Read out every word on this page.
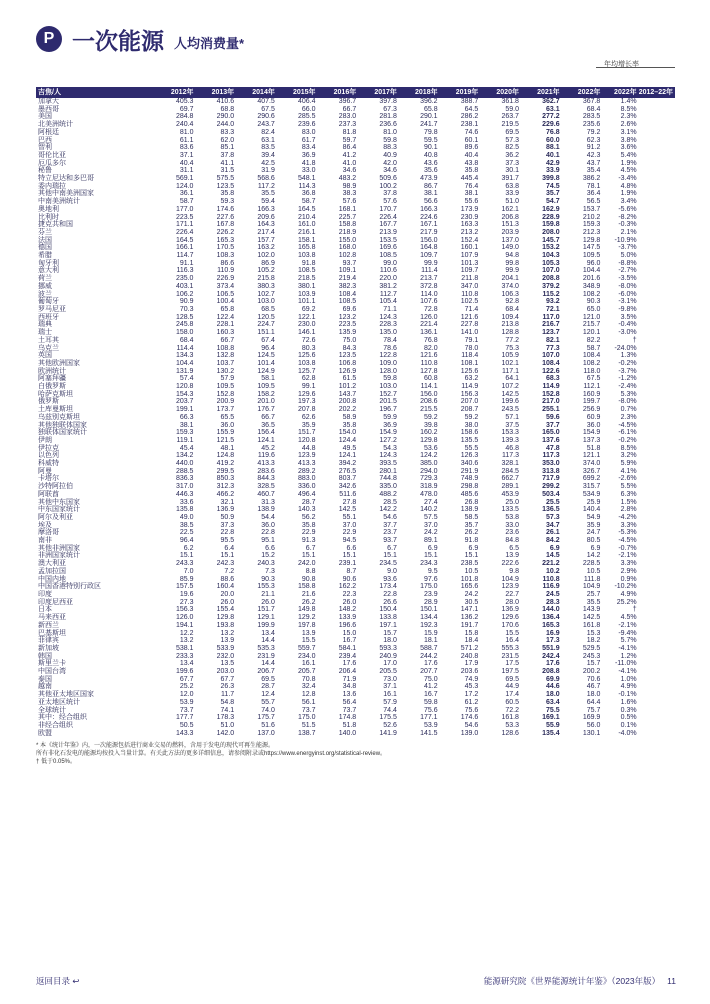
P 一次能源 人均消费量*
年均增长率
吉焦/人	2012年	2013年	2014年	2015年	2016年	2017年	2018年	2019年	2020年	2021年	2022年	2022年	2012–22年
加拿大	405.3	410.6	407.5	406.4	396.7	397.8	396.2	388.7	361.8	362.7	367.8	1.4%	
墨西哥	69.7	68.8	67.5	66.0	66.7	67.3	65.8	64.5	59.0	63.1	68.4	8.5%	
美国	284.8	290.0	290.6	285.5	283.0	281.8	290.1	286.2	263.7	277.2	283.5	2.3%	
北美洲统计	240.4	244.0	243.7	239.6	237.3	236.6	241.7	238.1	219.5	229.6	235.6	2.6%	
阿根廷	81.0	83.3	82.4	83.0	81.8	81.0	79.8	74.6	69.5	76.8	79.2	3.1%	
巴西	61.1	62.0	63.1	61.7	59.7	59.8	59.5	60.1	57.3	60.0	62.3	3.8%	
智利	83.6	85.1	83.5	83.4	86.4	88.3	90.1	89.6	82.5	88.1	91.2	3.6%	
哥伦比亚	37.1	37.8	39.4	36.9	41.2	40.9	40.8	40.4	36.2	40.1	42.3	5.4%	
厄瓜多尔	40.4	41.1	42.5	41.8	41.0	42.0	43.6	43.8	37.3	42.9	43.7	1.9%	
秘鲁	31.1	31.5	31.9	33.0	34.6	34.6	35.6	35.8	30.1	33.9	35.4	4.5%	
特立尼达和多巴哥	569.1	575.5	568.6	548.1	483.2	509.6	473.9	445.4	391.7	399.8	386.2	-3.4%	
委内瑞拉	124.0	123.5	117.2	114.3	98.9	100.2	86.7	76.4	63.8	74.5	78.1	4.8%	
其他中南美洲国家	36.1	35.8	35.5	36.8	38.3	37.8	38.1	38.1	33.9	35.7	36.4	1.9%	
中南美洲统计	58.7	59.3	59.4	58.7	57.6	57.6	56.6	55.6	51.0	54.7	56.5	3.4%	
奥地利	177.0	174.6	166.3	164.5	168.1	170.7	166.3	173.9	162.1	162.9	153.7	-5.6%	
比利时	223.5	227.6	209.6	210.4	225.7	226.4	224.6	230.9	206.8	228.9	210.2	-8.2%	
捷克共和国	171.1	167.8	164.3	161.0	158.8	167.7	167.1	163.3	151.3	159.8	159.3	-0.3%	
芬兰	226.4	226.2	217.4	216.1	218.9	213.9	217.9	213.2	203.9	208.0	212.3	2.1%	
法国	164.5	165.3	157.7	158.1	155.0	153.5	156.0	152.4	137.0	145.7	129.8	-10.9%	
德国	166.1	170.5	163.2	165.8	168.0	169.6	164.8	160.1	149.0	153.2	147.5	-3.7%	
希腊	114.7	108.3	102.0	103.8	102.8	108.5	109.7	107.9	94.8	104.3	109.5	5.0%	
匈牙利	91.1	86.6	86.9	91.8	93.7	99.0	99.9	101.3	99.8	105.3	96.0	-8.8%	
意大利	116.3	110.9	105.2	108.5	109.1	110.6	111.4	109.7	99.9	107.0	104.4	-2.7%	
荷兰	235.0	226.9	215.8	218.5	219.4	220.0	213.7	211.8	204.1	208.8	201.6	-3.5%	
挪威	403.1	373.4	380.3	380.1	382.3	381.2	372.8	347.0	374.0	379.2	348.9	-8.0%	
波兰	106.2	106.5	102.7	103.9	108.4	112.7	114.0	110.8	106.3	115.2	108.2	-6.0%	
葡萄牙	90.9	100.4	103.0	101.1	108.5	105.4	107.6	102.5	92.8	93.2	90.3	-3.1%	
罗马尼亚	70.3	65.8	68.5	69.2	69.6	71.1	72.8	71.4	68.4	72.1	65.0	-9.8%	
西班牙	128.5	122.4	120.5	122.1	123.2	124.3	126.0	121.6	109.4	117.0	121.0	3.5%	
瑞典	245.8	228.1	224.7	230.0	223.5	228.3	221.4	227.8	213.8	216.7	215.7	-0.4%	
瑞士	158.0	160.3	151.1	146.1	135.9	135.0	136.1	141.0	128.8	123.7	120.1	-3.0%	
土耳其	68.4	66.7	67.4	72.6	75.0	78.4	76.8	79.1	77.2	82.1	82.2	†	
乌克兰	114.4	108.8	96.4	80.3	84.3	78.6	82.0	78.0	75.3	77.3	58.7	-24.0%	
英国	134.3	132.8	124.5	125.6	123.5	122.8	121.6	118.4	105.9	107.0	108.4	1.3%	
其他欧洲国家	104.4	103.7	101.4	103.8	106.8	109.0	110.8	108.1	102.1	108.4	108.2	-0.2%	
欧洲统计	131.9	130.2	124.9	125.7	126.9	128.0	127.8	125.6	117.1	122.6	118.0	-3.7%	
阿塞拜疆	57.4	57.9	58.1	62.8	61.5	59.8	60.8	63.2	64.1	68.3	67.5	-1.2%	
白俄罗斯	120.8	109.5	109.5	99.1	101.2	103.0	114.1	114.9	107.2	114.9	112.1	-2.4%	
哈萨克斯坦	154.3	152.8	158.2	129.6	143.7	152.7	156.0	156.3	142.5	152.8	160.9	5.3%	
俄罗斯	203.7	200.9	201.0	197.3	200.8	201.5	208.6	207.0	199.6	217.0	199.7	-8.0%	
土库曼斯坦	199.1	173.7	176.7	207.8	202.2	196.7	215.5	208.7	243.5	255.1	256.9	0.7%	
乌兹别克斯坦	66.3	65.5	66.7	62.6	58.9	59.9	59.2	59.2	57.1	59.6	60.9	2.3%	
其他独联体国家	38.1	36.0	36.5	35.9	35.8	36.9	39.8	38.0	37.5	37.7	36.0	-4.5%	
独联体国家统计	159.3	155.9	156.4	151.7	154.0	154.9	160.2	158.6	153.3	165.0	154.9	-6.1%	
伊朗	119.1	121.5	124.1	120.8	124.4	127.2	129.8	135.5	139.3	137.6	137.3	-0.2%	
伊拉克	45.4	48.1	45.2	44.8	49.5	54.3	53.6	55.5	46.8	47.8	51.8	8.5%	
以色列	134.2	124.8	119.6	123.9	124.1	124.3	124.2	126.3	117.3	117.3	121.1	3.2%	
科威特	440.0	419.2	413.3	413.3	394.2	393.5	385.0	340.6	328.1	353.0	374.0	5.9%	
阿曼	288.5	299.5	283.6	289.2	276.5	280.1	294.0	291.9	284.5	313.8	326.7	4.1%	
卡塔尔	836.3	850.3	844.3	883.0	803.7	744.8	729.3	748.9	662.7	717.9	699.2	-2.6%	
沙特阿拉伯	317.0	312.3	328.5	336.0	342.6	335.0	318.9	298.8	289.1	299.2	315.7	5.5%	
阿联酋	446.3	466.2	460.7	496.4	511.6	488.2	478.0	485.6	453.9	503.4	534.9	6.3%	
其他中东国家	33.6	32.1	31.3	28.7	27.8	28.5	27.4	26.8	25.0	25.5	25.9	1.5%	
中东国家统计	135.8	136.9	138.9	140.3	142.5	142.2	140.2	138.9	133.5	136.5	140.4	2.8%	
阿尔及利亚	49.0	50.9	54.4	56.2	55.1	54.6	57.5	58.5	53.8	57.3	54.9	-4.2%	
埃及	38.5	37.3	36.0	35.8	37.0	37.7	37.0	35.7	33.0	34.7	35.9	3.3%	
摩洛哥	22.5	22.8	22.8	22.9	22.9	23.7	24.2	26.2	23.6	26.1	24.7	-5.3%	
南非	96.4	95.5	95.1	91.3	94.5	93.7	89.1	91.8	84.8	84.2	80.5	-4.5%	
其他非洲国家	6.2	6.4	6.6	6.7	6.6	6.7	6.9	6.9	6.5	6.9	6.9	-0.7%	
非洲国家统计	15.1	15.1	15.2	15.1	15.1	15.1	15.1	15.1	13.9	14.5	14.2	-2.1%	
澳大利亚	243.3	242.3	240.3	242.0	239.1	234.5	234.3	238.5	222.6	221.2	228.5	3.3%	
孟加拉国	7.0	7.2	7.3	8.8	8.7	9.0	9.5	10.5	9.8	10.2	10.5	2.9%	
中国内地	85.9	88.6	90.3	90.8	90.6	93.6	97.6	101.8	104.9	110.8	111.8	0.9%	
中国香港特别行政区	157.5	160.4	155.3	158.8	162.2	173.4	175.0	165.6	123.9	116.9	104.9	-10.2%	
印度	19.6	20.0	21.1	21.6	22.3	22.8	23.9	24.2	22.7	24.5	25.7	4.9%	
印度尼西亚	27.3	26.0	26.0	26.2	26.0	26.6	28.9	30.5	28.0	28.3	35.5	25.2%	
日本	156.3	155.4	151.7	149.8	148.2	150.4	150.1	147.1	136.9	144.0	143.9	†	
马来西亚	126.0	129.8	129.1	129.2	133.9	133.8	134.4	136.2	129.6	136.4	142.5	4.5%	
新西兰	194.1	193.8	199.9	197.8	196.6	197.1	192.3	191.7	170.6	165.3	161.8	-2.1%	
巴基斯坦	12.2	13.2	13.4	13.9	15.0	15.7	15.9	15.8	15.5	16.9	15.3	-9.4%	
菲律宾	13.2	13.9	14.4	15.5	16.7	18.0	18.1	18.4	16.4	17.3	18.2	5.7%	
新加坡	538.1	533.9	535.3	559.7	584.1	593.3	588.7	571.2	555.3	551.9	529.5	-4.1%	
韩国	233.3	232.0	231.9	234.0	239.4	240.9	244.2	240.8	231.5	242.4	245.3	1.2%	
斯里兰卡	13.4	13.5	14.4	16.1	17.6	17.0	17.6	17.9	17.5	17.6	15.7	-11.0%	
中国台湾	199.6	203.0	206.7	205.7	206.4	205.5	207.7	203.6	197.5	208.8	200.2	-4.1%	
泰国	67.7	67.7	69.5	70.8	71.9	73.0	75.0	74.9	69.5	69.9	70.6	1.0%	
越南	25.2	26.3	28.7	32.4	34.8	37.1	41.2	45.3	44.9	44.6	46.7	4.9%	
其他亚太地区国家	12.0	11.7	12.4	12.8	13.6	16.1	16.7	17.2	17.4	18.0	18.0	-0.1%	
亚太地区统计	53.9	54.8	55.7	56.1	56.4	57.9	59.8	61.2	60.5	63.4	64.4	1.6%	
全球统计	73.7	74.1	74.0	73.7	73.7	74.4	75.6	75.6	72.2	75.5	75.7	0.3%	
其中：经合组织	177.7	178.3	175.7	175.0	174.8	175.5	177.1	174.6	161.8	169.1	169.9	0.5%	
非经合组织	50.5	51.0	51.6	51.5	51.8	52.6	53.9	54.6	53.3	55.9	56.0	0.1%	
欧盟	143.3	142.0	137.0	138.7	140.0	141.9	141.5	139.0	128.6	135.4	130.1	-4.0%	
* 本《统计年鉴》内，一次能源包括进行商业交易的燃料，含用于发电的现代可再生能源。
所有非化石发电的能源均按投入当量计算。有关此方法的更多详细信息，请参阅附录或https://www.energyinst.org/statistical-review。
† 低于0.05%。
返回目录 ↩	能源研究院《世界能源统计年鉴》（2023年版） 11
